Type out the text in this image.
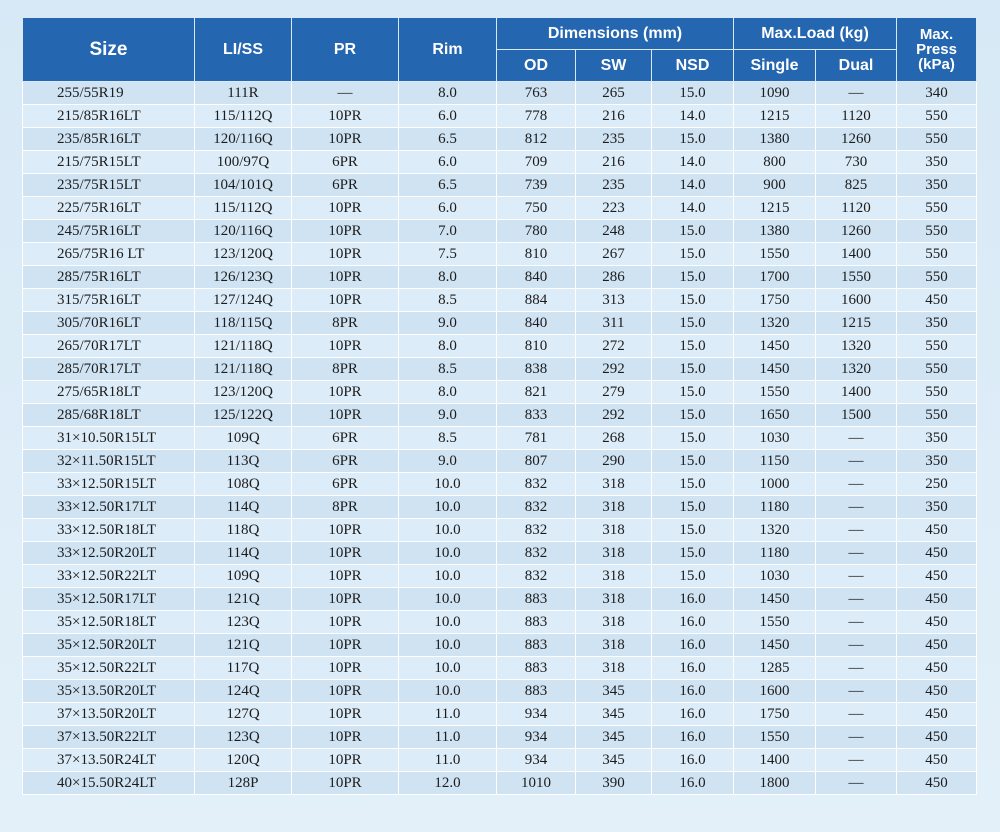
Size	LI/SS	PR	Rim	Dimensions (mm)			Max.Load (kg)		Max.
Press
(kPa)

				OD	SW	NSD	Single	Dual	
255/55R19	111R	—	8.0	763	265	15.0	1090	—	340
215/85R16LT	115/112Q	10PR	6.0	778	216	14.0	1215	1120	550
235/85R16LT	120/116Q	10PR	6.5	812	235	15.0	1380	1260	550
215/75R15LT	100/97Q	6PR	6.0	709	216	14.0	800	730	350
235/75R15LT	104/101Q	6PR	6.5	739	235	14.0	900	825	350
225/75R16LT	115/112Q	10PR	6.0	750	223	14.0	1215	1120	550
245/75R16LT	120/116Q	10PR	7.0	780	248	15.0	1380	1260	550
265/75R16 LT	123/120Q	10PR	7.5	810	267	15.0	1550	1400	550
285/75R16LT	126/123Q	10PR	8.0	840	286	15.0	1700	1550	550
315/75R16LT	127/124Q	10PR	8.5	884	313	15.0	1750	1600	450
305/70R16LT	118/115Q	8PR	9.0	840	311	15.0	1320	1215	350
265/70R17LT	121/118Q	10PR	8.0	810	272	15.0	1450	1320	550
285/70R17LT	121/118Q	8PR	8.5	838	292	15.0	1450	1320	550
275/65R18LT	123/120Q	10PR	8.0	821	279	15.0	1550	1400	550
285/68R18LT	125/122Q	10PR	9.0	833	292	15.0	1650	1500	550
31×10.50R15LT	109Q	6PR	8.5	781	268	15.0	1030	—	350
32×11.50R15LT	113Q	6PR	9.0	807	290	15.0	1150	—	350
33×12.50R15LT	108Q	6PR	10.0	832	318	15.0	1000	—	250
33×12.50R17LT	114Q	8PR	10.0	832	318	15.0	1180	—	350
33×12.50R18LT	118Q	10PR	10.0	832	318	15.0	1320	—	450
33×12.50R20LT	114Q	10PR	10.0	832	318	15.0	1180	—	450
33×12.50R22LT	109Q	10PR	10.0	832	318	15.0	1030	—	450
35×12.50R17LT	121Q	10PR	10.0	883	318	16.0	1450	—	450
35×12.50R18LT	123Q	10PR	10.0	883	318	16.0	1550	—	450
35×12.50R20LT	121Q	10PR	10.0	883	318	16.0	1450	—	450
35×12.50R22LT	117Q	10PR	10.0	883	318	16.0	1285	—	450
35×13.50R20LT	124Q	10PR	10.0	883	345	16.0	1600	—	450
37×13.50R20LT	127Q	10PR	11.0	934	345	16.0	1750	—	450
37×13.50R22LT	123Q	10PR	11.0	934	345	16.0	1550	—	450
37×13.50R24LT	120Q	10PR	11.0	934	345	16.0	1400	—	450
40×15.50R24LT	128P	10PR	12.0	1010	390	16.0	1800	—	450
